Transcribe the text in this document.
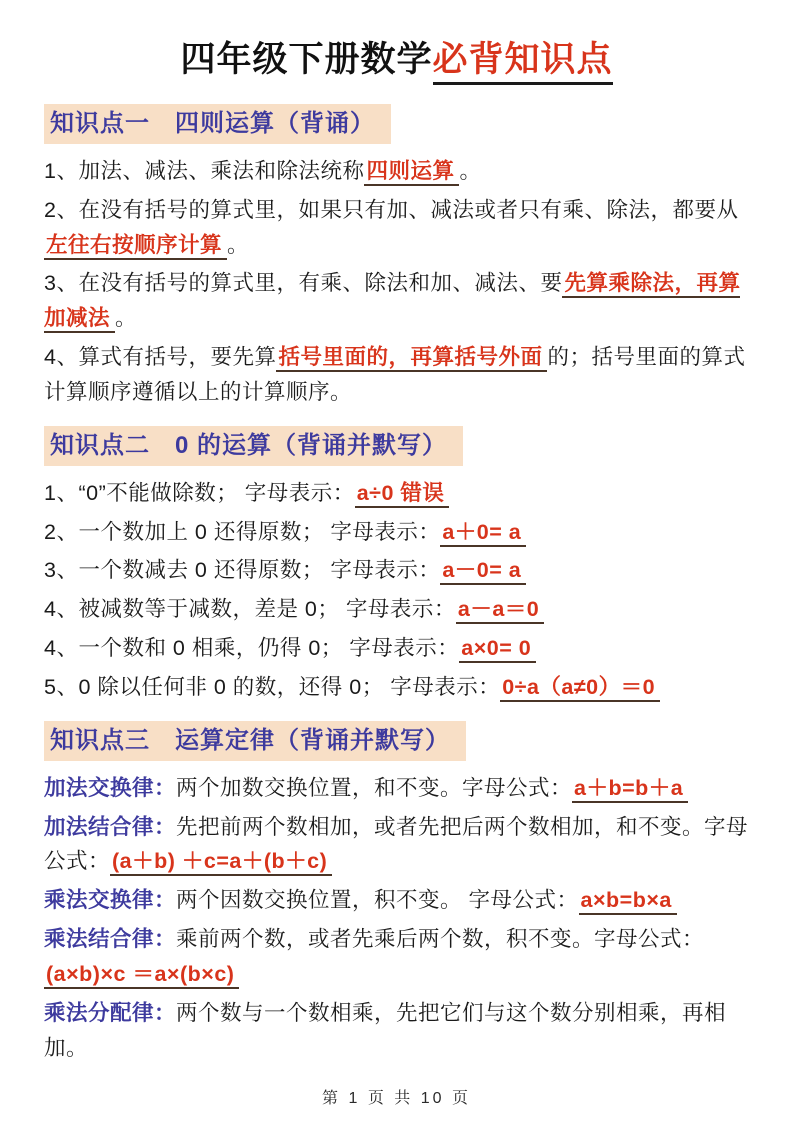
四年级下册数学必背知识点
知识点一　四则运算（背诵）

1、加法、减法、乘法和除法统称四则运算 。

2、在没有括号的算式里，如果只有加、减法或者只有乘、除法，都要从左往右按顺序计算 。

3、在没有括号的算式里，有乘、除法和加、减法、要先算乘除法，再算加减法 。

4、算式有括号，要先算括号里面的，再算括号外面 的；括号里面的算式计算顺序遵循以上的计算顺序。

知识点二　0 的运算（背诵并默写）

1、“0”不能做除数； 字母表示：a÷0 错误

2、一个数加上 0 还得原数； 字母表示：a＋0= a

3、一个数减去 0 还得原数； 字母表示：a－0= a

4、被减数等于减数，差是 0； 字母表示：a－a＝0

4、一个数和 0 相乘，仍得 0； 字母表示：a×0= 0

5、0 除以任何非 0 的数，还得 0； 字母表示：0÷a（a≠0）＝0

知识点三　运算定律（背诵并默写）

加法交换律：两个加数交换位置，和不变。字母公式：a＋b=b＋a

加法结合律：先把前两个数相加，或者先把后两个数相加，和不变。字母公式：(a＋b) ＋c=a＋(b＋c)

乘法交换律：两个因数交换位置，积不变。 字母公式：a×b=b×a

乘法结合律：乘前两个数，或者先乘后两个数，积不变。字母公式：(a×b)×c ＝a×(b×c)

乘法分配律：两个数与一个数相乘，先把它们与这个数分别相乘，再相加。

第 1 页 共 10 页
